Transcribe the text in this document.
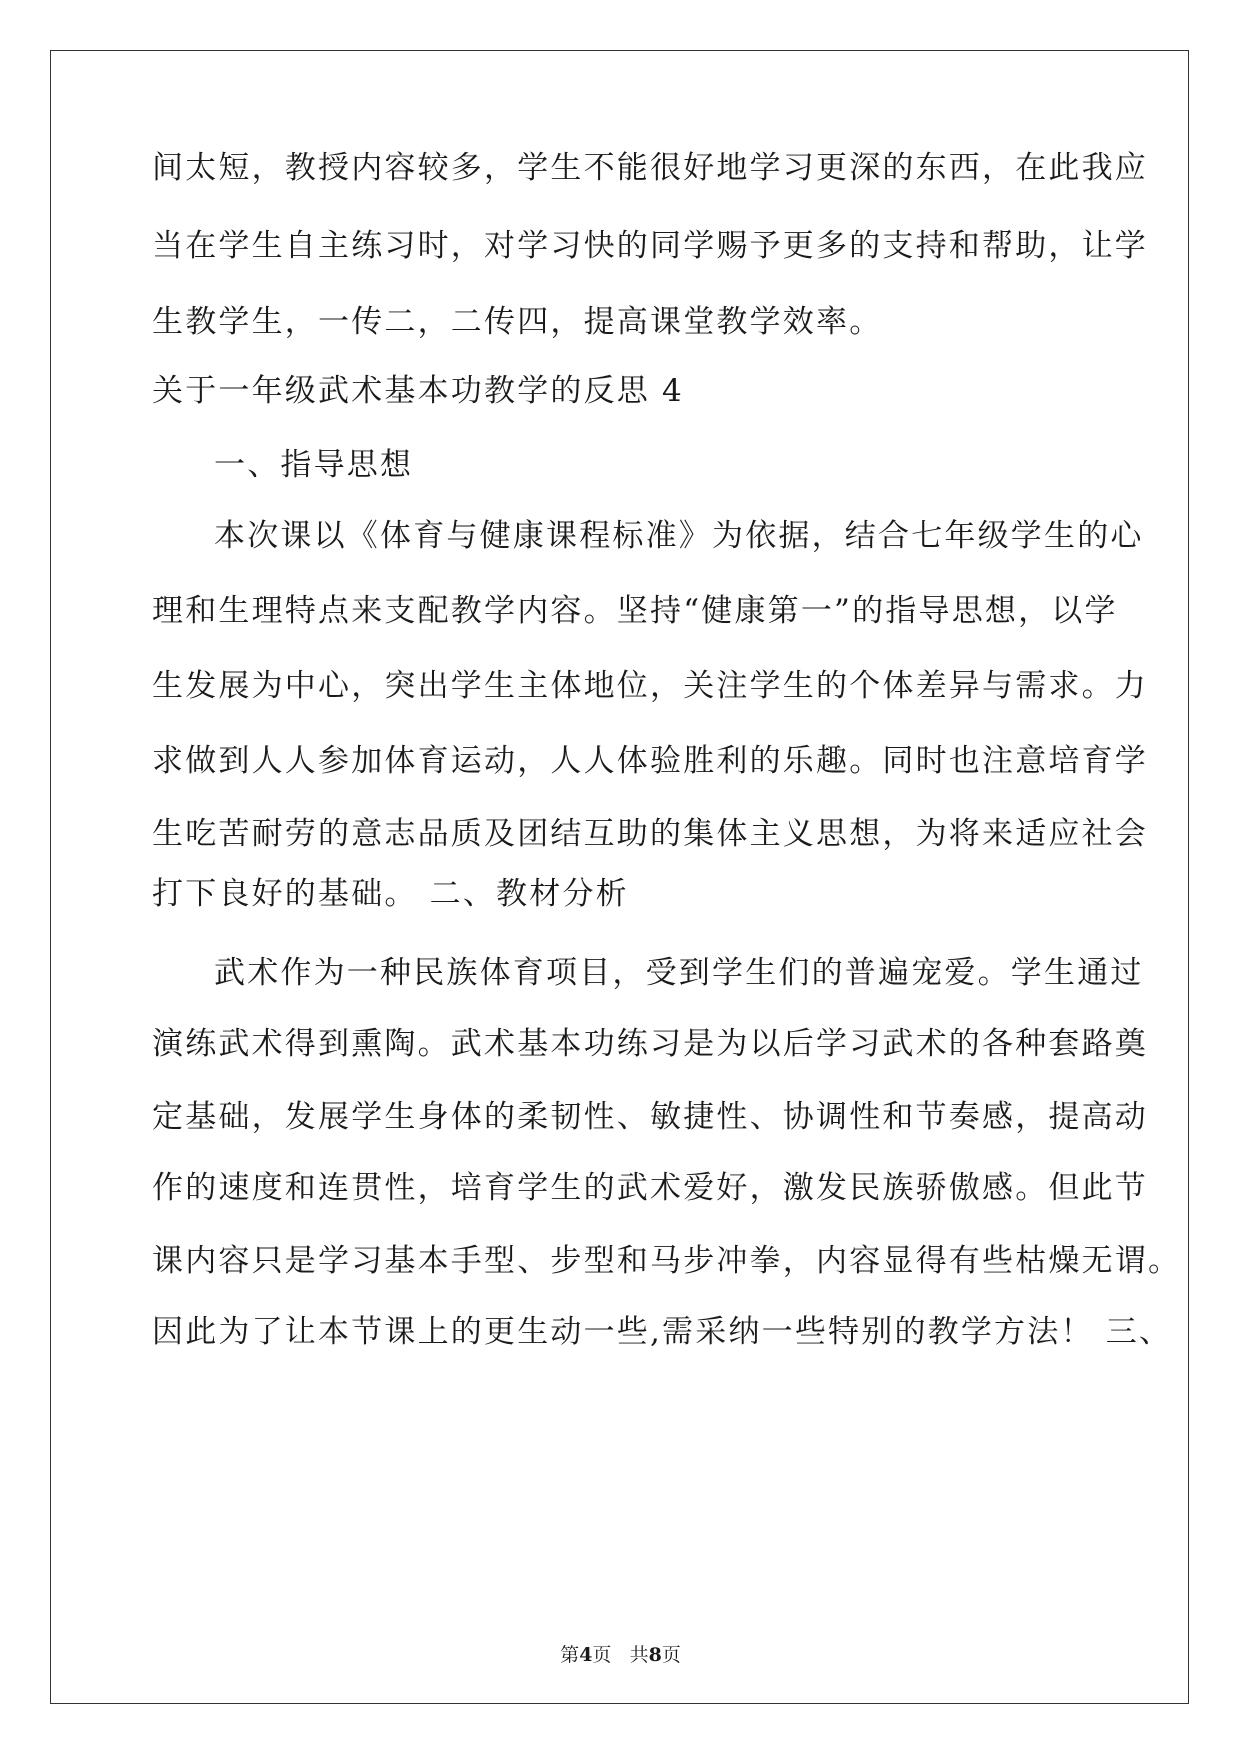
间太短，教授内容较多，学生不能很好地学习更深的东西，在此我应
当在学生自主练习时，对学习快的同学赐予更多的支持和帮助，让学
生教学生，一传二，二传四，提高课堂教学效率。
关于一年级武术基本功教学的反思 4
一、指导思想
本次课以《体育与健康课程标准》为依据，结合七年级学生的心
理和生理特点来支配教学内容。坚持“健康第一”的指导思想，以学
生发展为中心，突出学生主体地位，关注学生的个体差异与需求。力
求做到人人参加体育运动，人人体验胜利的乐趣。同时也注意培育学
生吃苦耐劳的意志品质及团结互助的集体主义思想，为将来适应社会
打下良好的基础。 二、教材分析
武术作为一种民族体育项目，受到学生们的普遍宠爱。学生通过
演练武术得到熏陶。武术基本功练习是为以后学习武术的各种套路奠
定基础，发展学生身体的柔韧性、敏捷性、协调性和节奏感，提高动
作的速度和连贯性，培育学生的武术爱好，激发民族骄傲感。但此节
课内容只是学习基本手型、步型和马步冲拳，内容显得有些枯燥无谓。
因此为了让本节课上的更生动一些,需采纳一些特别的教学方法！ 三、
第4页 共8页
